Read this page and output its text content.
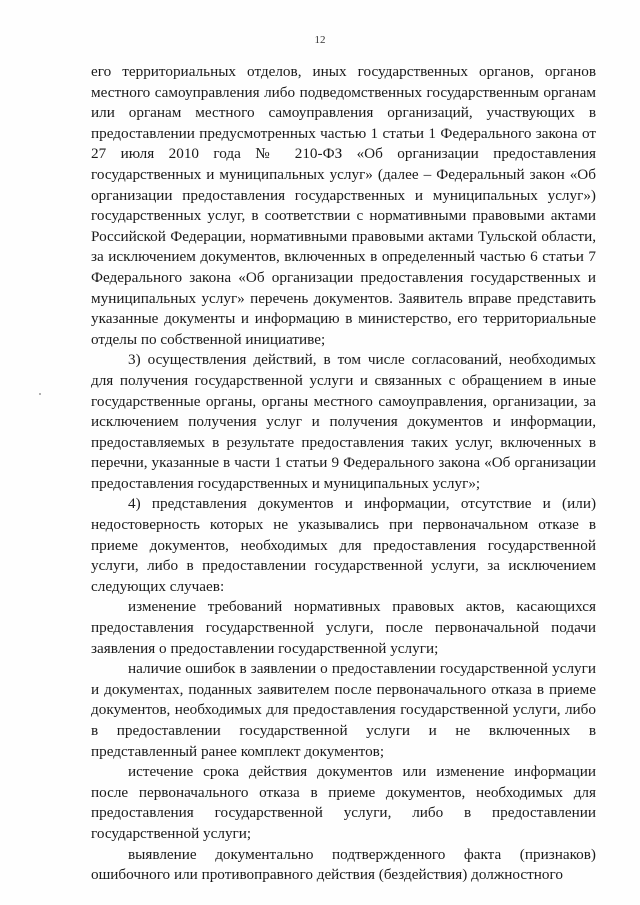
12

его территориальных отделов, иных государственных органов, органов местного самоуправления либо подведомственных государственным органам или органам местного самоуправления организаций, участвующих в предоставлении предусмотренных частью 1 статьи 1 Федерального закона от 27 июля 2010 года № 210-ФЗ «Об организации предоставления государственных и муниципальных услуг» (далее – Федеральный закон «Об организации предоставления государственных и муниципальных услуг») государственных услуг, в соответствии с нормативными правовыми актами Российской Федерации, нормативными правовыми актами Тульской области, за исключением документов, включенных в определенный частью 6 статьи 7 Федерального закона «Об организации предоставления государственных и муниципальных услуг» перечень документов. Заявитель вправе представить указанные документы и информацию в министерство, его территориальные отделы по собственной инициативе;

3) осуществления действий, в том числе согласований, необходимых для получения государственной услуги и связанных с обращением в иные государственные органы, органы местного самоуправления, организации, за исключением получения услуг и получения документов и информации, предоставляемых в результате предоставления таких услуг, включенных в перечни, указанные в части 1 статьи 9 Федерального закона «Об организации предоставления государственных и муниципальных услуг»;

4) представления документов и информации, отсутствие и (или) недостоверность которых не указывались при первоначальном отказе в приеме документов, необходимых для предоставления государственной услуги, либо в предоставлении государственной услуги, за исключением следующих случаев:

изменение требований нормативных правовых актов, касающихся предоставления государственной услуги, после первоначальной подачи заявления о предоставлении государственной услуги;

наличие ошибок в заявлении о предоставлении государственной услуги и документах, поданных заявителем после первоначального отказа в приеме документов, необходимых для предоставления государственной услуги, либо в предоставлении государственной услуги и не включенных в представленный ранее комплект документов;

истечение срока действия документов или изменение информации после первоначального отказа в приеме документов, необходимых для предоставления государственной услуги, либо в предоставлении государственной услуги;

выявление документально подтвержденного факта (признаков) ошибочного или противоправного действия (бездействия) должностного
